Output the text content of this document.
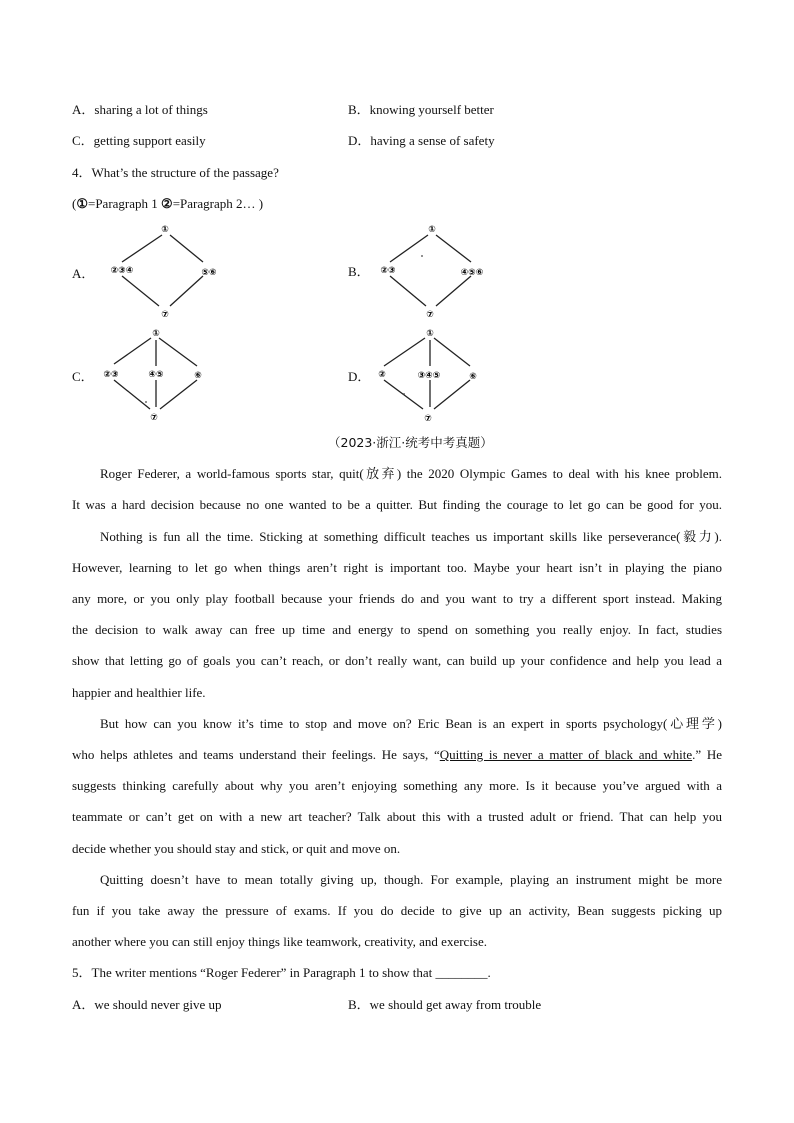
A．sharing a lot of things	B．knowing yourself better
C．getting support easily	D．having a sense of safety
4．What’s the structure of the passage?
(①=Paragraph 1 ②=Paragraph 2… )
A．
①
②③④	⑤⑥
⑦
B．
①
②③	④⑤⑥
⑦
C．
①
②③	④⑤	⑥
⑦
D．
①
②	③④⑤	⑥
⑦
（2023·浙江·统考中考真题）
Roger Federer, a world-famous sports star, quit(放弃) the 2020 Olympic Games to deal with his knee problem.
It was a hard decision because no one wanted to be a quitter. But finding the courage to let go can be good for you.
Nothing is fun all the time. Sticking at something difficult teaches us important skills like perseverance(毅力).
However, learning to let go when things aren’t right is important too. Maybe your heart isn’t in playing the piano
any more, or you only play football because your friends do and you want to try a different sport instead. Making
the decision to walk away can free up time and energy to spend on something you really enjoy. In fact, studies
show that letting go of goals you can’t reach, or don’t really want, can build up your confidence and help you lead a
happier and healthier life.
But how can you know it’s time to stop and move on? Eric Bean is an expert in sports psychology(心理学)
who helps athletes and teams understand their feelings. He says, “Quitting is never a matter of black and white.” He
suggests thinking carefully about why you aren’t enjoying something any more. Is it because you’ve argued with a
teammate or can’t get on with a new art teacher? Talk about this with a trusted adult or friend. That can help you
decide whether you should stay and stick, or quit and move on.
Quitting doesn’t have to mean totally giving up, though. For example, playing an instrument might be more
fun if you take away the pressure of exams. If you do decide to give up an activity, Bean suggests picking up
another where you can still enjoy things like teamwork, creativity, and exercise.
5．The writer mentions “Roger Federer” in Paragraph 1 to show that ________.
A．we should never give up	B．we should get away from trouble
